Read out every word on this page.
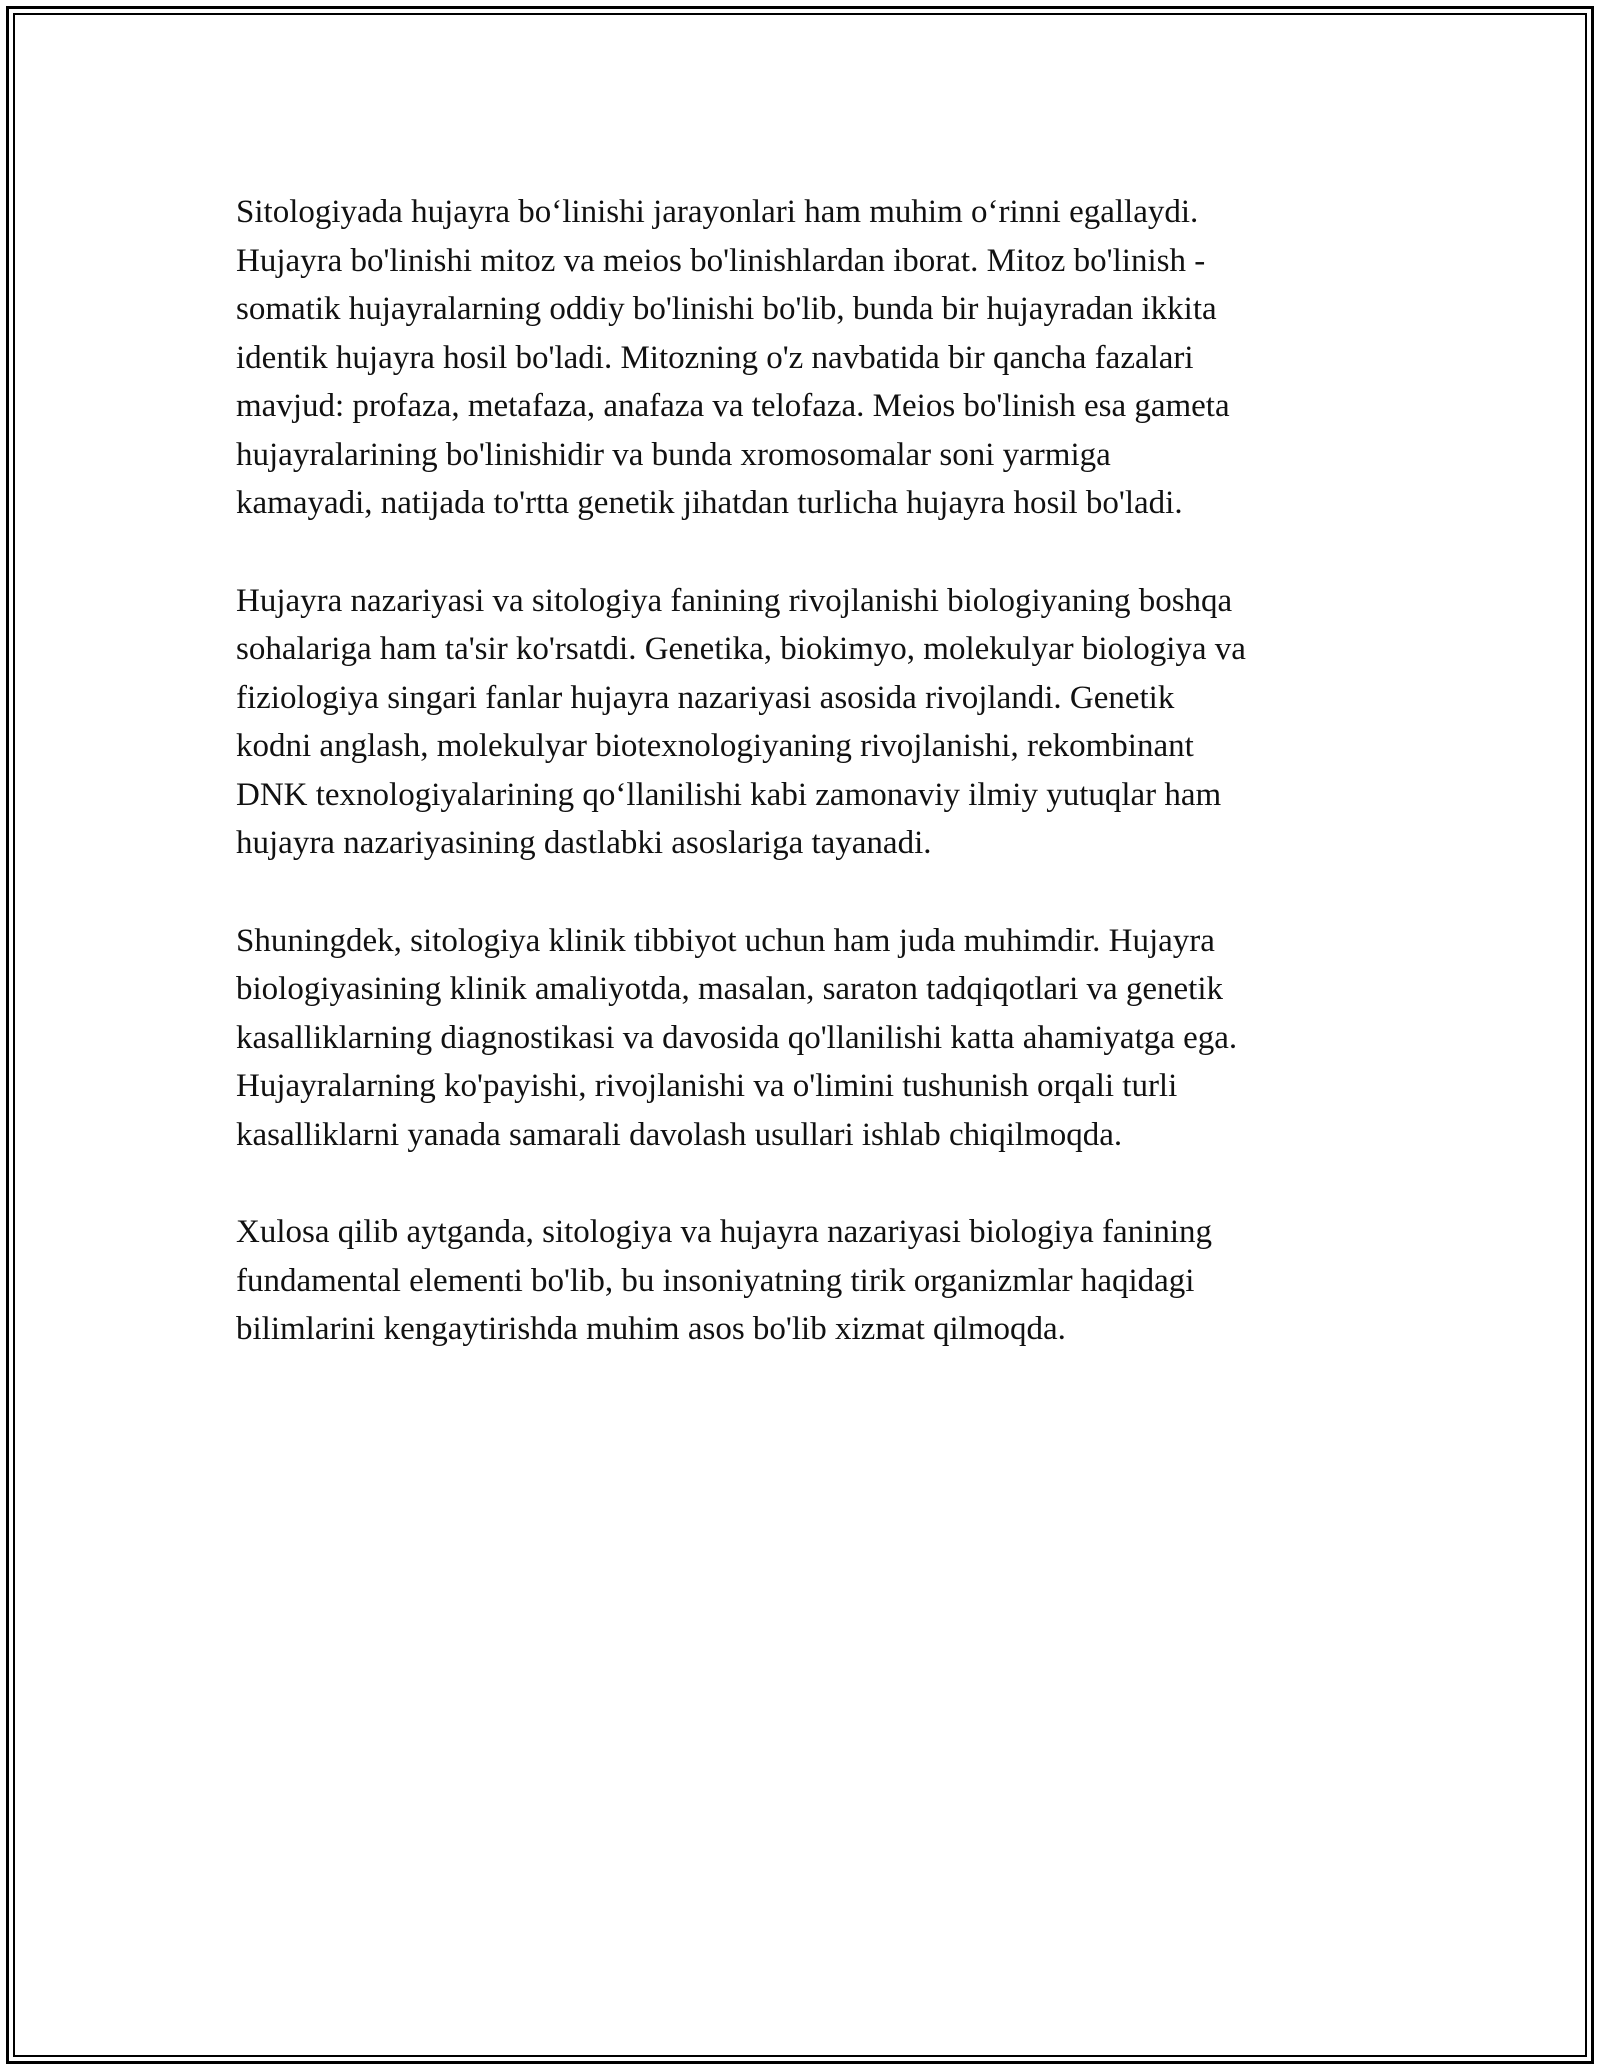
Sitologiyada hujayra bo‘linishi jarayonlari ham muhim o‘rinni egallaydi.
Hujayra bo'linishi mitoz va meios bo'linishlardan iborat. Mitoz bo'linish -
somatik hujayralarning oddiy bo'linishi bo'lib, bunda bir hujayradan ikkita
identik hujayra hosil bo'ladi. Mitozning o'z navbatida bir qancha fazalari
mavjud: profaza, metafaza, anafaza va telofaza. Meios bo'linish esa gameta
hujayralarining bo'linishidir va bunda xromosomalar soni yarmiga
kamayadi, natijada to'rtta genetik jihatdan turlicha hujayra hosil bo'ladi.

Hujayra nazariyasi va sitologiya fanining rivojlanishi biologiyaning boshqa
sohalariga ham ta'sir ko'rsatdi. Genetika, biokimyo, molekulyar biologiya va
fiziologiya singari fanlar hujayra nazariyasi asosida rivojlandi. Genetik
kodni anglash, molekulyar biotexnologiyaning rivojlanishi, rekombinant
DNK texnologiyalarining qo‘llanilishi kabi zamonaviy ilmiy yutuqlar ham
hujayra nazariyasining dastlabki asoslariga tayanadi.

Shuningdek, sitologiya klinik tibbiyot uchun ham juda muhimdir. Hujayra
biologiyasining klinik amaliyotda, masalan, saraton tadqiqotlari va genetik
kasalliklarning diagnostikasi va davosida qo'llanilishi katta ahamiyatga ega.
Hujayralarning ko'payishi, rivojlanishi va o'limini tushunish orqali turli
kasalliklarni yanada samarali davolash usullari ishlab chiqilmoqda.

Xulosa qilib aytganda, sitologiya va hujayra nazariyasi biologiya fanining
fundamental elementi bo'lib, bu insoniyatning tirik organizmlar haqidagi
bilimlarini kengaytirishda muhim asos bo'lib xizmat qilmoqda.
